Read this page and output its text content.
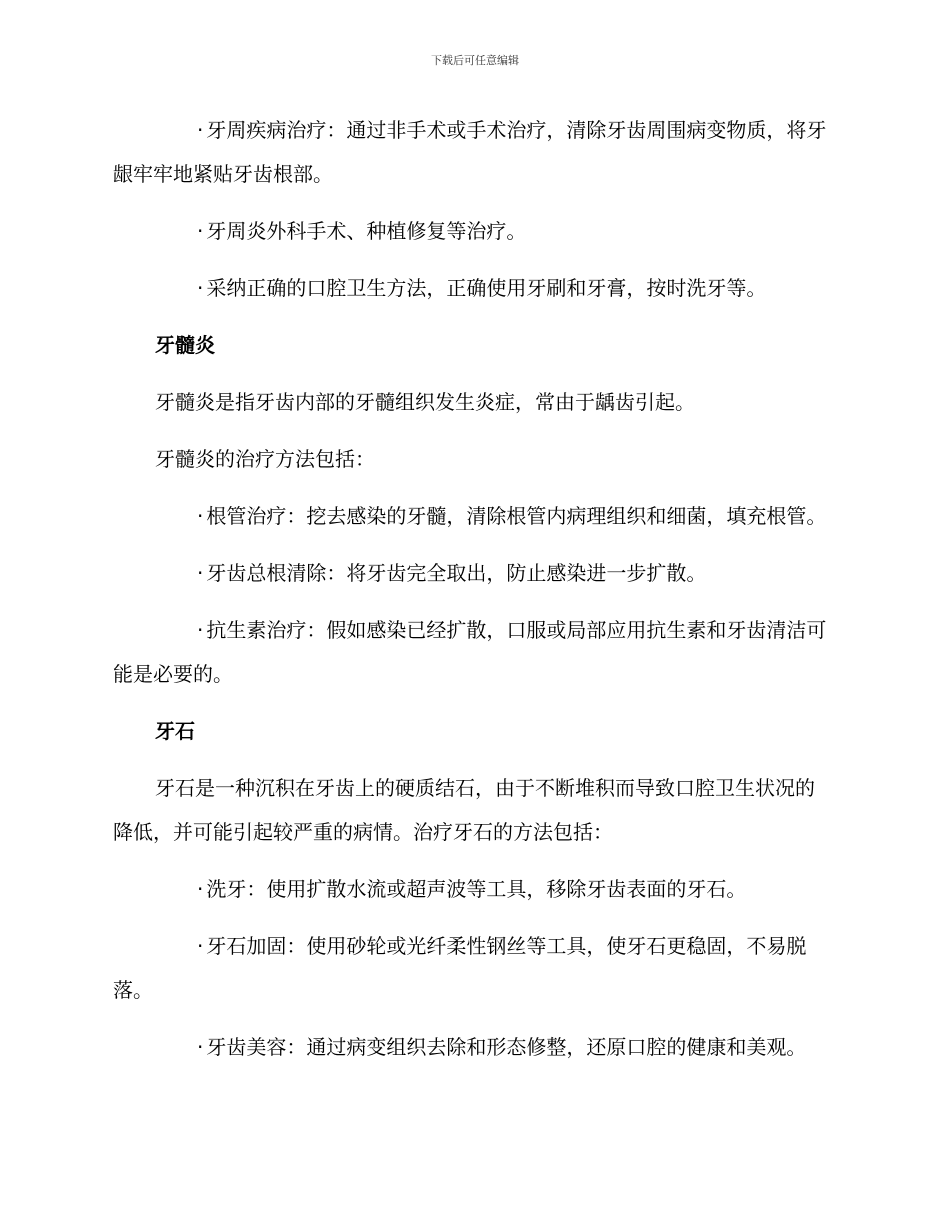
下载后可任意编辑

· 牙周疾病治疗：通过非手术或手术治疗，清除牙齿周围病变物质，将牙龈牢牢地紧贴牙齿根部。

· 牙周炎外科手术、种植修复等治疗。

· 采纳正确的口腔卫生方法，正确使用牙刷和牙膏，按时洗牙等。

牙髓炎

牙髓炎是指牙齿内部的牙髓组织发生炎症，常由于龋齿引起。

牙髓炎的治疗方法包括：

· 根管治疗：挖去感染的牙髓，清除根管内病理组织和细菌，填充根管。

· 牙齿总根清除：将牙齿完全取出，防止感染进一步扩散。

· 抗生素治疗：假如感染已经扩散，口服或局部应用抗生素和牙齿清洁可能是必要的。

牙石

牙石是一种沉积在牙齿上的硬质结石，由于不断堆积而导致口腔卫生状况的降低，并可能引起较严重的病情。治疗牙石的方法包括：

· 洗牙：使用扩散水流或超声波等工具，移除牙齿表面的牙石。

· 牙石加固：使用砂轮或光纤柔性钢丝等工具，使牙石更稳固，不易脱落。

· 牙齿美容：通过病变组织去除和形态修整，还原口腔的健康和美观。
